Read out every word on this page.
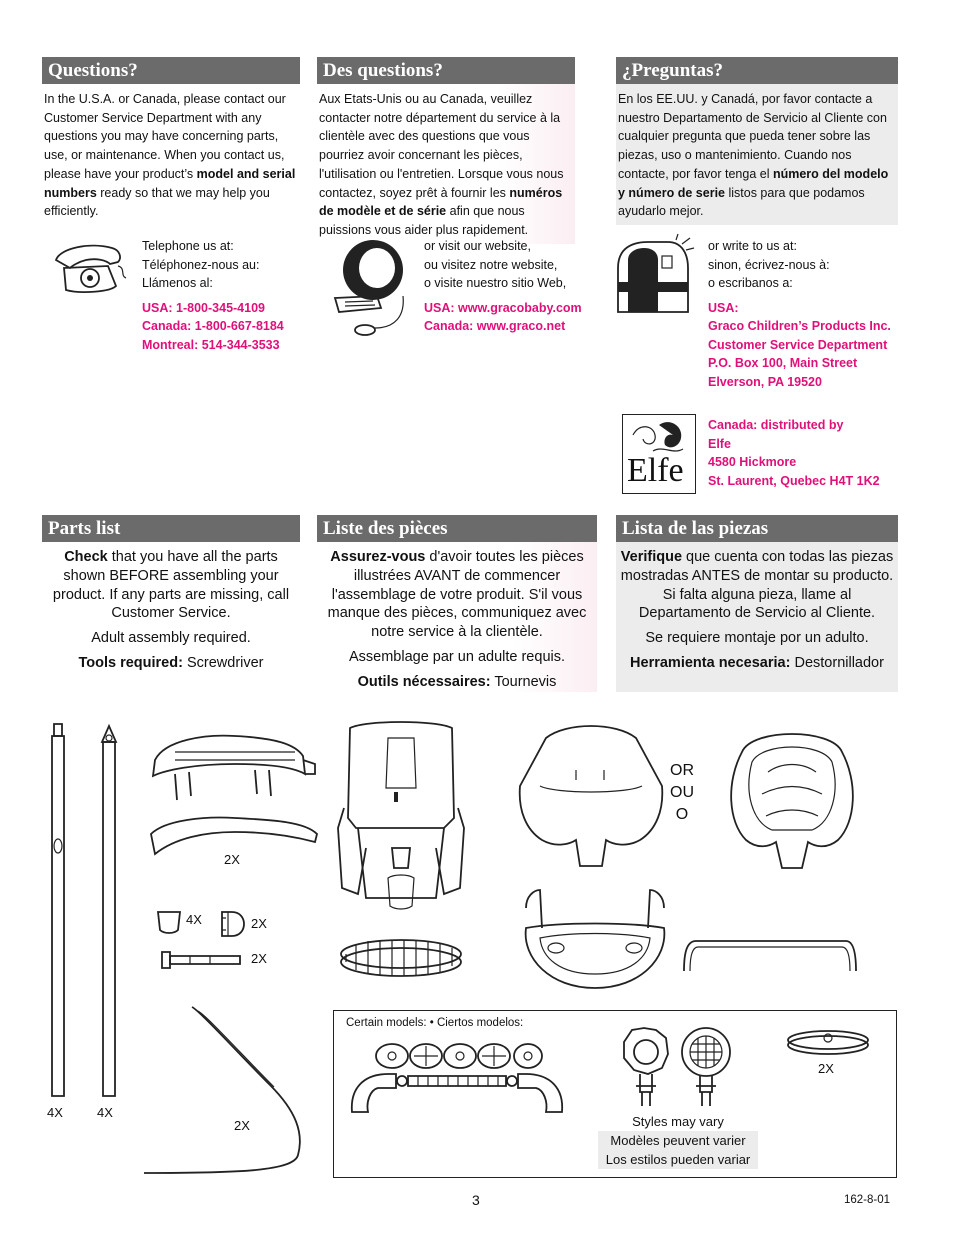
Questions?
In the U.S.A. or Canada, please contact our Customer Service Department with any questions you may have concerning parts, use, or maintenance. When you contact us, please have your product’s model and serial numbers ready so that we may help you efficiently.
Des questions?
Aux Etats-Unis ou au Canada, veuillez contacter notre département du service à la clientèle avec des questions que vous pourriez avoir concernant les pièces, l'utilisation ou l'entretien. Lorsque vous nous contactez, soyez prêt à fournir les numéros de modèle et de série afin que nous puissions vous aider plus rapidement.
¿Preguntas?
En los EE.UU. y Canadá, por favor contacte a nuestro Departamento de Servicio al Cliente con cualquier pregunta que pueda tener sobre las piezas, uso o mantenimiento. Cuando nos contacte, por favor tenga el número del modelo y número de serie listos para que podamos ayudarlo mejor.
Telephone us at:
Téléphonez-nous au:
Llámenos al:
USA: 1-800-345-4109
Canada: 1-800-667-8184
Montreal: 514-344-3533
or visit our website,
ou visitez notre website,
o visite nuestro sitio Web,
USA: www.gracobaby.com
Canada: www.graco.net
or write to us at:
sinon, écrivez-nous à:
o escribanos a:
USA:
Graco Children’s Products Inc.
Customer Service Department
P.O. Box 100, Main Street
Elverson, PA 19520
Elfe
Canada: distributed by
Elfe
4580 Hickmore
St. Laurent, Quebec H4T 1K2
Parts list

Check that you have all the parts shown BEFORE assembling your product. If any parts are missing, call Customer Service.

Adult assembly required.

Tools required: Screwdriver

Liste des pièces

Assurez-vous d'avoir toutes les pièces illustrées AVANT de commencer l'assemblage de votre produit. S'il vous manque des pièces, communiquez avec notre service à la clientèle.

Assemblage par un adulte requis.

Outils nécessaires: Tournevis

Lista de las piezas

Verifique que cuenta con todas las piezas mostradas ANTES de montar su producto. Si falta alguna pieza, llame al Departamento de Servicio al Cliente.

Se requiere montaje por un adulto.

Herramienta necesaria: Destornillador

4X	4X
2X
4X	2X
2X
2X
OR
OU
O
Certain models: • Ciertos modelos:
Styles may vary
Modèles peuvent varier
Los estilos pueden variar
2X
3	162-8-01
